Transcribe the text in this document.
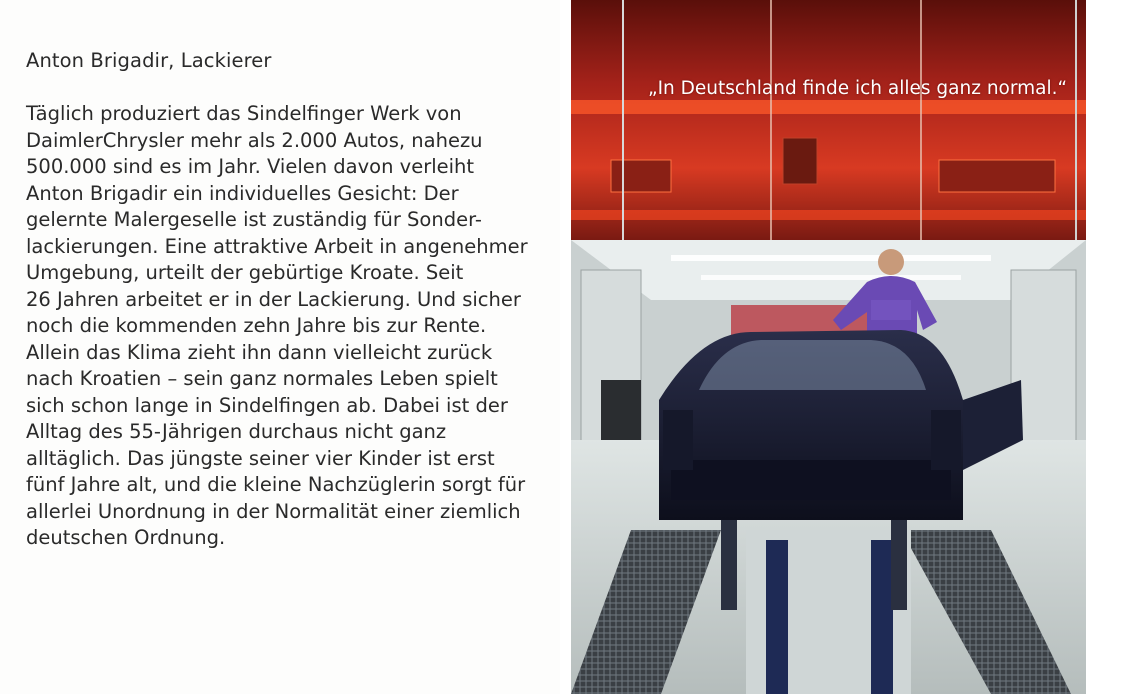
Anton Brigadir, Lackierer
Täglich produziert das Sindelfinger Werk von
DaimlerChrysler mehr als 2.000 Autos, nahezu
500.000 sind es im Jahr. Vielen davon verleiht
Anton Brigadir ein individuelles Gesicht: Der
gelernte Malergeselle ist zuständig für Sonder-
lackierungen. Eine attraktive Arbeit in angenehmer
Umgebung, urteilt der gebürtige Kroate. Seit
26 Jahren arbeitet er in der Lackierung. Und sicher
noch die kommenden zehn Jahre bis zur Rente.
Allein das Klima zieht ihn dann vielleicht zurück
nach Kroatien – sein ganz normales Leben spielt
sich schon lange in Sindelfingen ab. Dabei ist der
Alltag des 55-Jährigen durchaus nicht ganz
alltäglich. Das jüngste seiner vier Kinder ist erst
fünf Jahre alt, und die kleine Nachzüglerin sorgt für
allerlei Unordnung in der Normalität einer ziemlich
deutschen Ordnung.
„In Deutschland finde ich alles ganz normal.“
